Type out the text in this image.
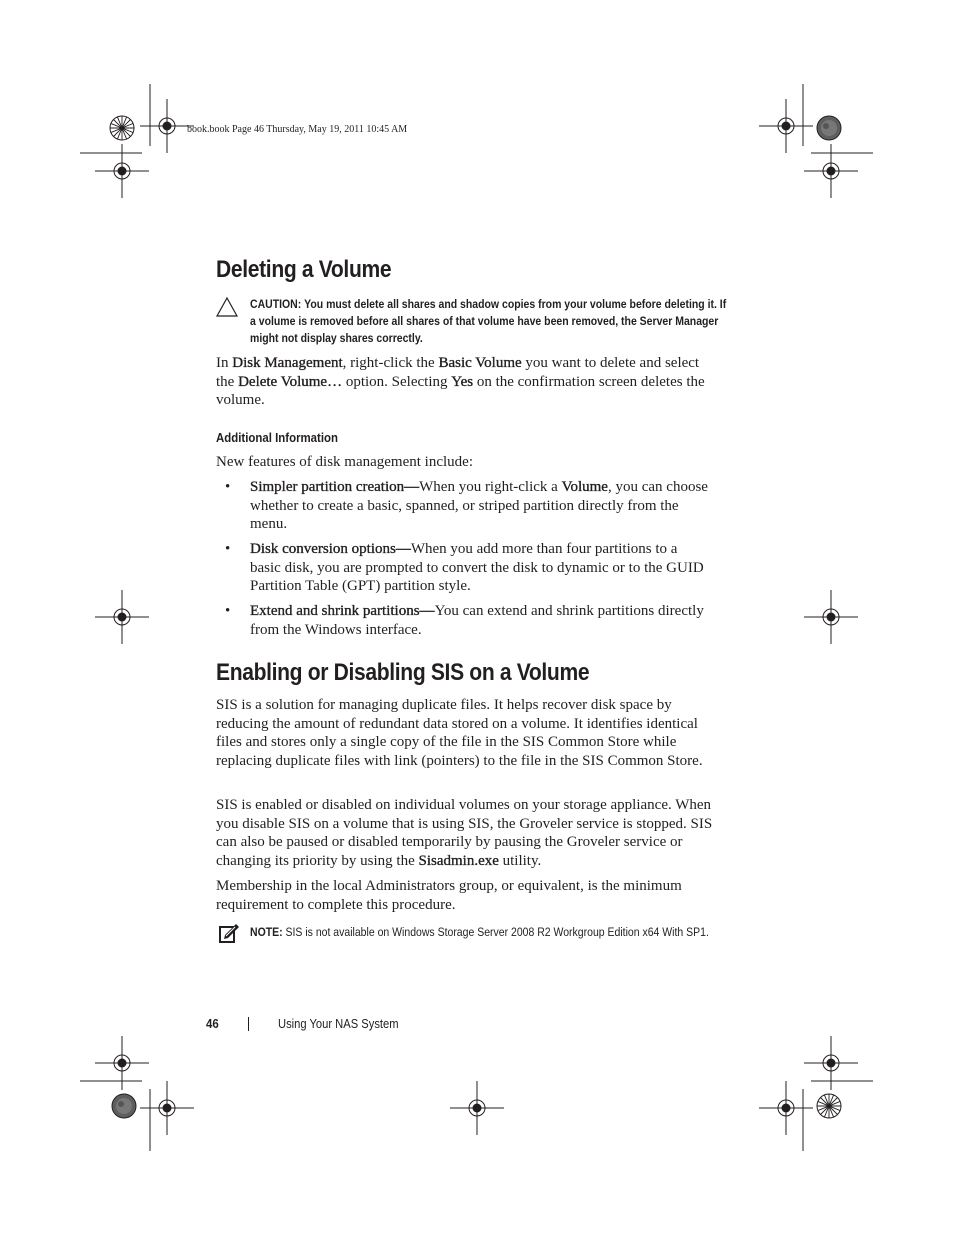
book.book Page 46 Thursday, May 19, 2011 10:45 AM
Deleting a Volume
CAUTION: You must delete all shares and shadow copies from your volume before deleting it. If a volume is removed before all shares of that volume have been removed, the Server Manager might not display shares correctly.

In Disk Management, right-click the Basic Volume you want to delete and select the Delete Volume… option. Selecting Yes on the confirmation screen deletes the volume.

Additional Information

New features of disk management include:

• Simpler partition creation—When you right-click a Volume, you can choose whether to create a basic, spanned, or striped partition directly from the menu.

• Disk conversion options—When you add more than four partitions to a basic disk, you are prompted to convert the disk to dynamic or to the GUID Partition Table (GPT) partition style.

• Extend and shrink partitions—You can extend and shrink partitions directly from the Windows interface.

Enabling or Disabling SIS on a Volume

SIS is a solution for managing duplicate files. It helps recover disk space by reducing the amount of redundant data stored on a volume. It identifies identical files and stores only a single copy of the file in the SIS Common Store while replacing duplicate files with link (pointers) to the file in the SIS Common Store.

SIS is enabled or disabled on individual volumes on your storage appliance. When you disable SIS on a volume that is using SIS, the Groveler service is stopped. SIS can also be paused or disabled temporarily by pausing the Groveler service or changing its priority by using the Sisadmin.exe utility.

Membership in the local Administrators group, or equivalent, is the minimum requirement to complete this procedure.

NOTE: SIS is not available on Windows Storage Server 2008 R2 Workgroup Edition x64 With SP1.
46	Using Your NAS System
